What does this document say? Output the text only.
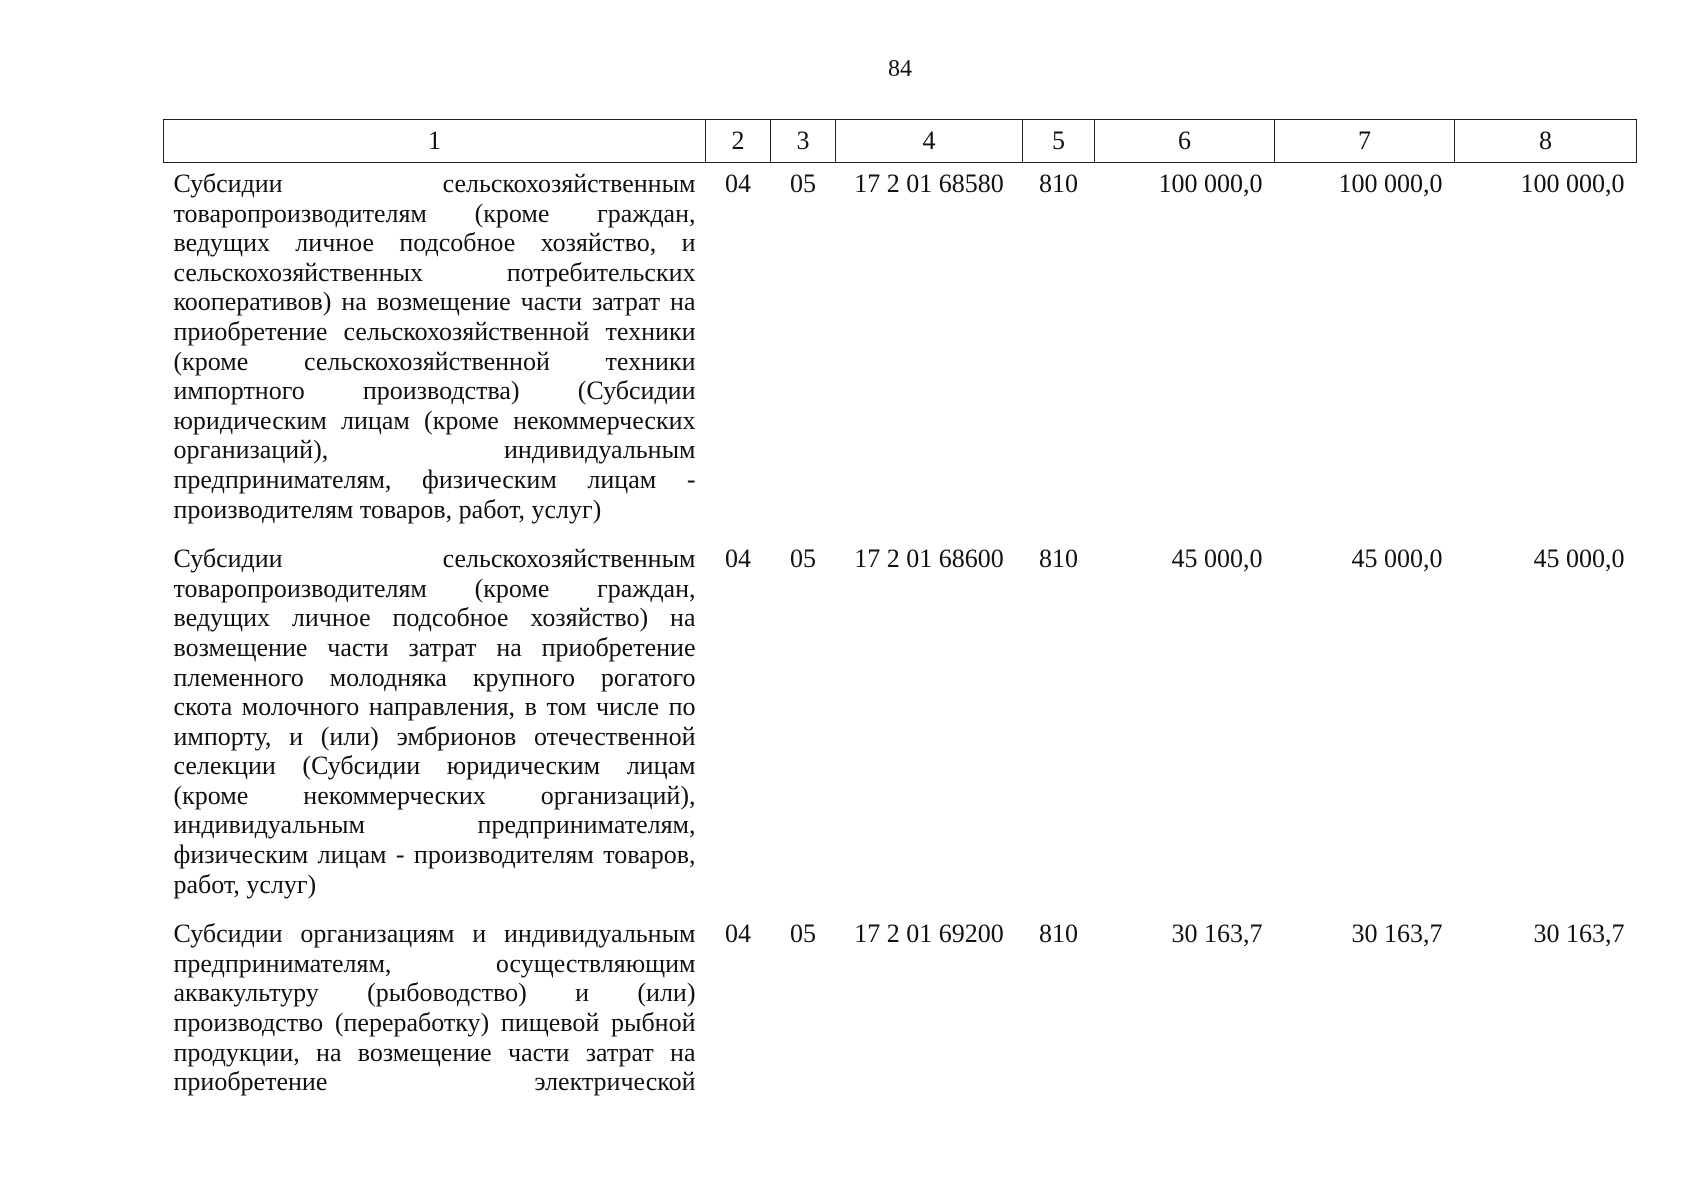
84
1	2	3	4	5	6	7	8
Субсидии сельскохозяйственным товаропроизводителям (кроме граждан, ведущих личное подсобное хозяйство, и сельскохозяйственных потребительских кооперативов) на возмещение части затрат на приобретение сельскохозяйственной техники (кроме сельскохозяйственной техники импортного производства) (Субсидии юридическим лицам (кроме некоммерческих организаций), индивидуальным предпринимателям, физическим лицам - производителям товаров, работ, услуг)	04	05	17 2 01 68580	810	100 000,0	100 000,0	100 000,0
Субсидии сельскохозяйственным товаропроизводителям (кроме граждан, ведущих личное подсобное хозяйство) на возмещение части затрат на приобретение племенного молодняка крупного рогатого скота молочного направления, в том числе по импорту, и (или) эмбрионов отечественной селекции (Субсидии юридическим лицам (кроме некоммерческих организаций), индивидуальным предпринимателям, физическим лицам - производителям товаров, работ, услуг)	04	05	17 2 01 68600	810	45 000,0	45 000,0	45 000,0
Субсидии организациям и индивидуальным предпринимателям, осуществляющим аквакультуру (рыбоводство) и (или) производство (переработку) пищевой рыбной продукции, на возмещение части затрат на приобретение электрической	04	05	17 2 01 69200	810	30 163,7	30 163,7	30 163,7
